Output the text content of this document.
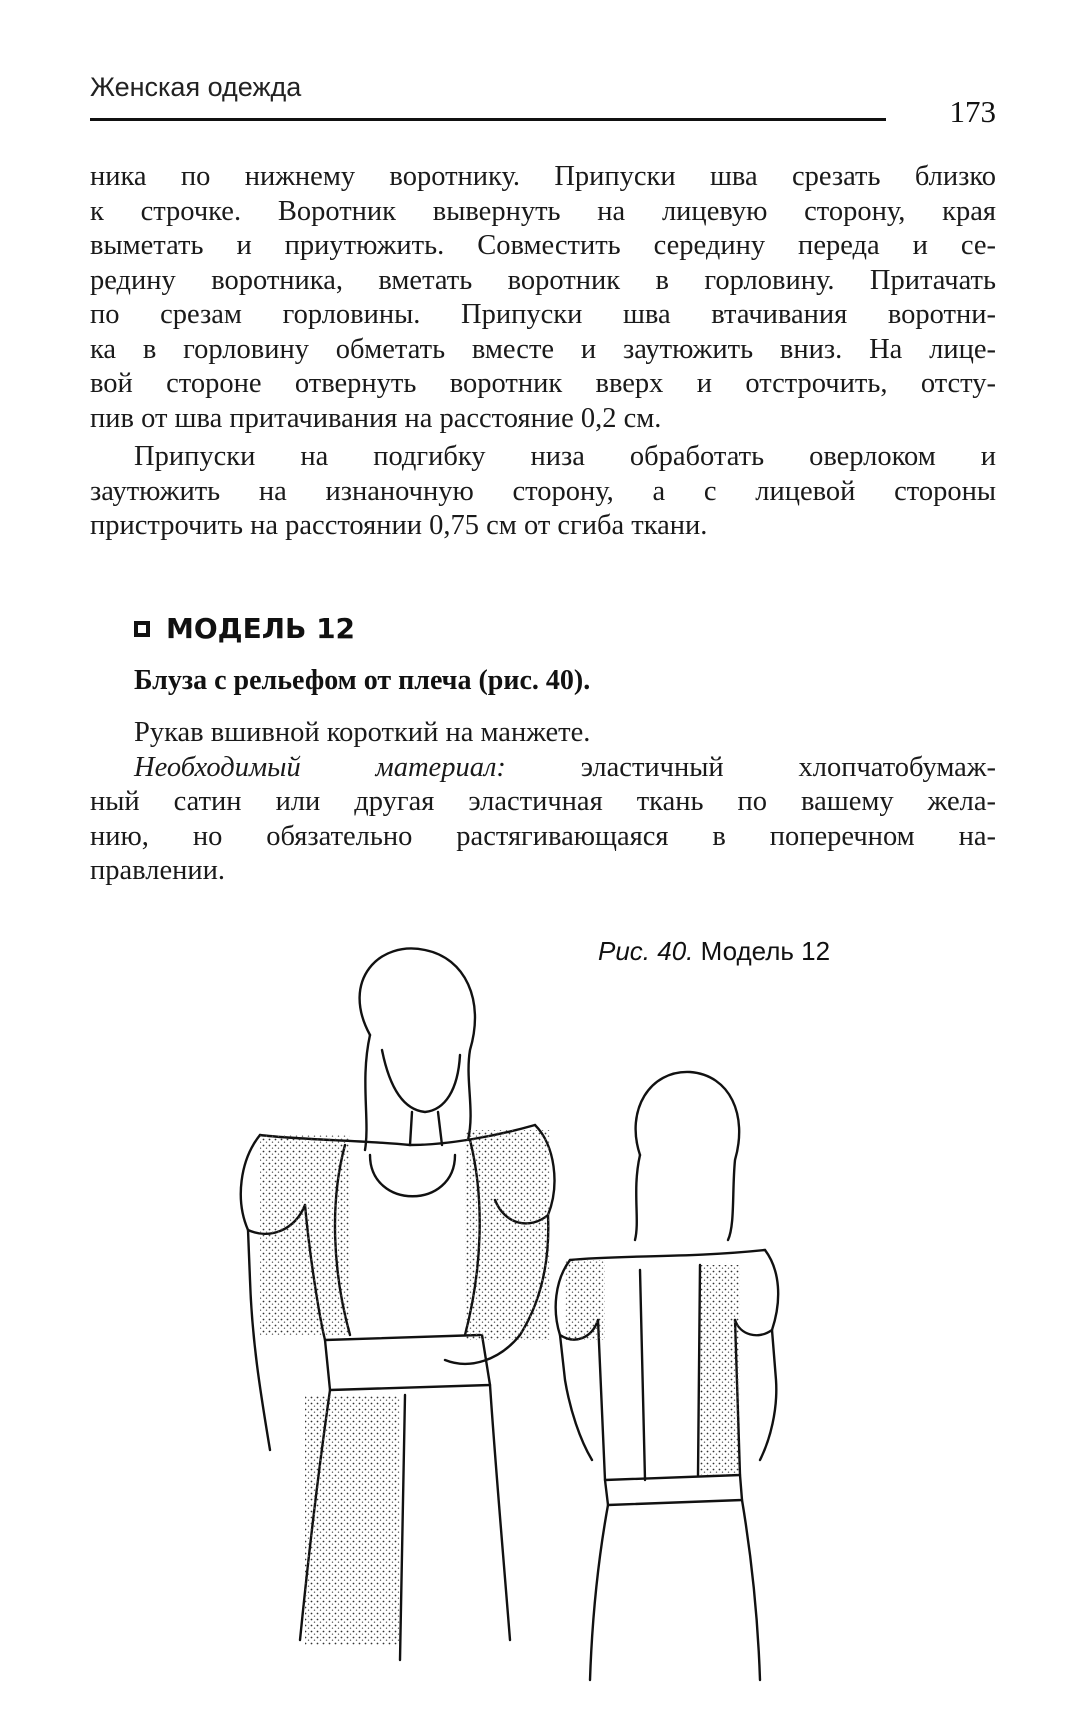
Женская одежда
173
ника по нижнему воротнику. Припуски шва срезать близко
к строчке. Воротник вывернуть на лицевую сторону, края
выметать и приутюжить. Совместить середину переда и се-
редину воротника, вметать воротник в горловину. Притачать
по срезам горловины. Припуски шва втачивания воротни-
ка в горловину обметать вместе и заутюжить вниз. На лице-
вой стороне отвернуть воротник вверх и отстрочить, отсту-
пив от шва притачивания на расстояние 0,2 см.
Припуски на подгибку низа обработать оверлоком и
заутюжить на изнаночную сторону, а с лицевой стороны
пристрочить на расстоянии 0,75 см от сгиба ткани.
МОДЕЛЬ 12
Блуза с рельефом от плеча (рис. 40).
Рукав вшивной короткий на манжете.
Необходимый материал: эластичный хлопчатобумаж-
ный сатин или другая эластичная ткань по вашему жела-
нию, но обязательно растягивающаяся в поперечном на-
правлении.
Рис. 40. Модель 12
